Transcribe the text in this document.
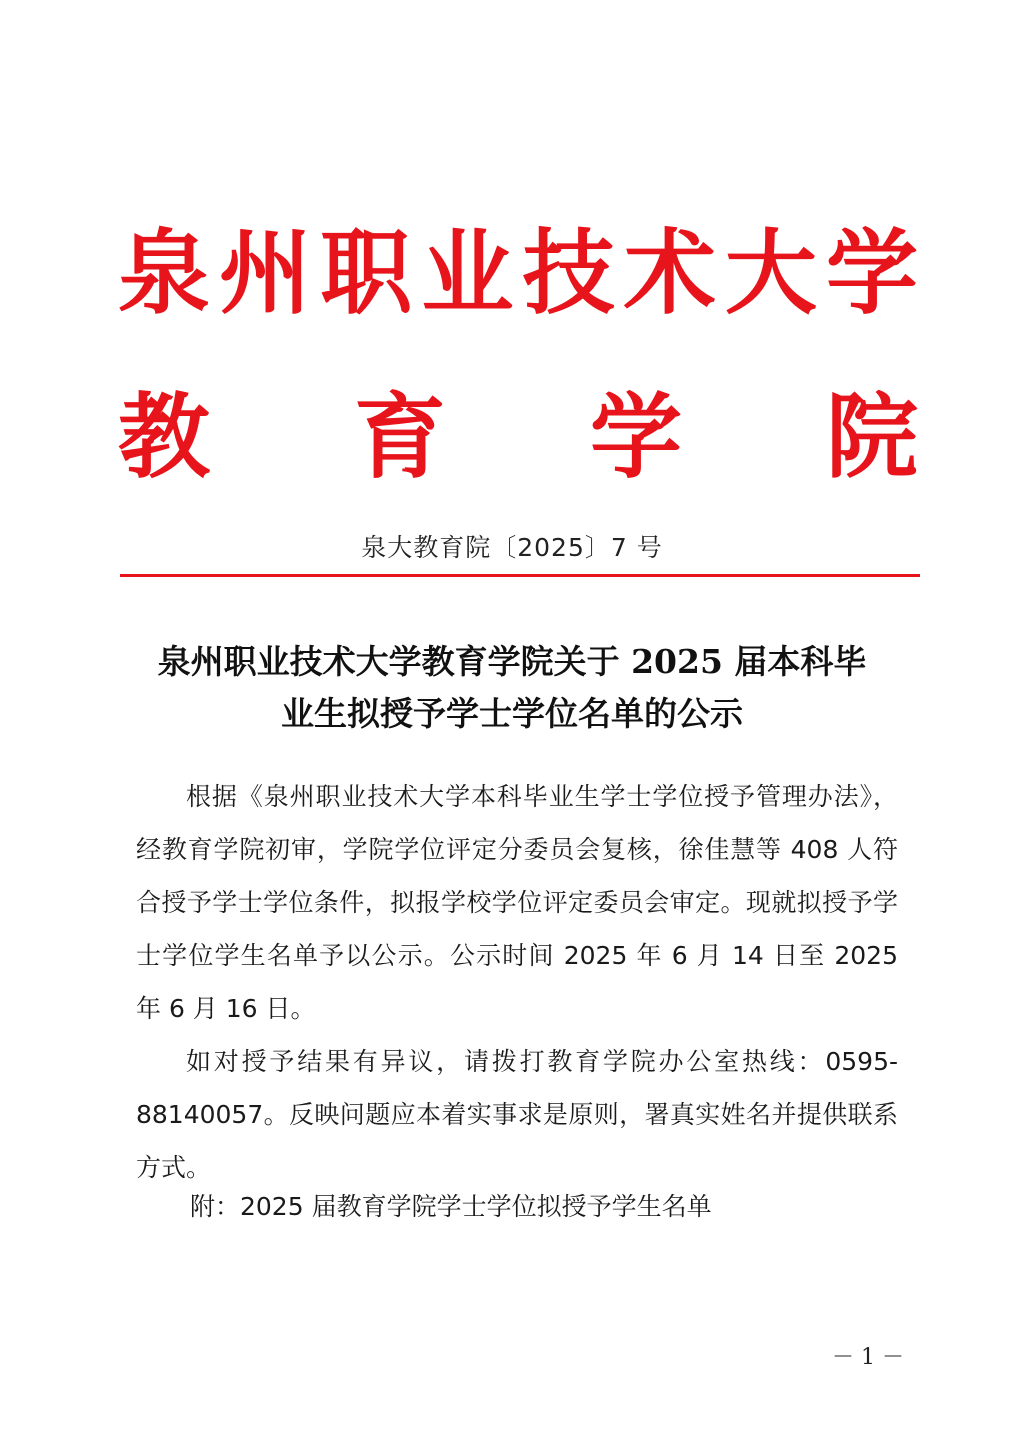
泉 州 职 业 技 术 大 学
教 育 学 院
泉大教育院〔2025〕7 号
泉州职业技术大学教育学院关于 2025 届本科毕
业生拟授予学士学位名单的公示

根据《泉州职业技术大学本科毕业生学士学位授予管理办法》，经教育学院初审，学院学位评定分委员会复核，徐佳慧等 408 人符合授予学士学位条件，拟报学校学位评定委员会审定。现就拟授予学士学位学生名单予以公示。公示时间 2025 年 6 月 14 日至 2025 年 6 月 16 日。

如对授予结果有异议，请拨打教育学院办公室热线：0595-88140057。反映问题应本着实事求是原则，署真实姓名并提供联系方式。

附：2025 届教育学院学士学位拟授予学生名单
－ 1 －
